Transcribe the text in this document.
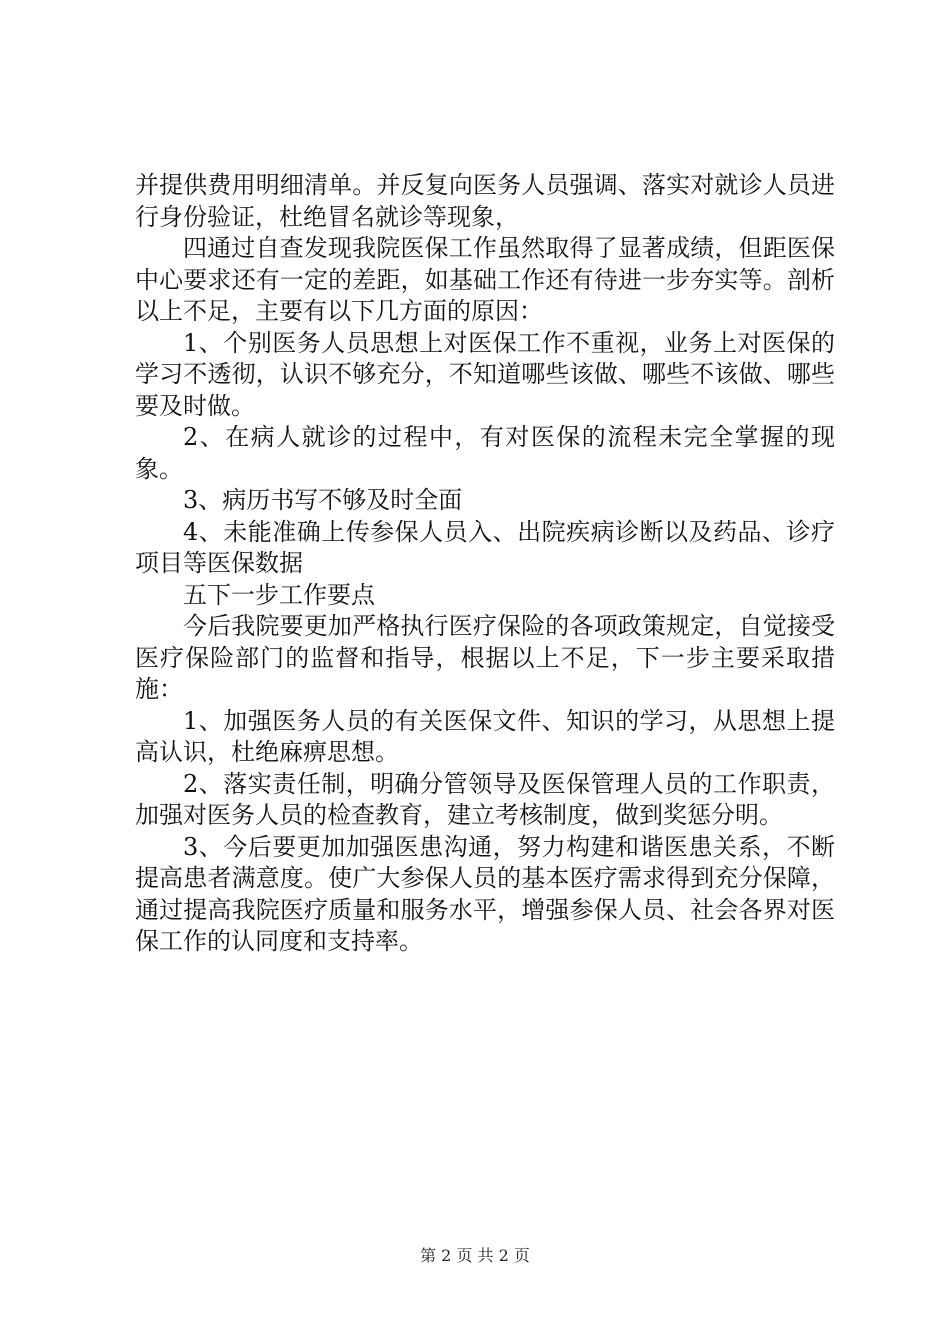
并提供费用明细清单。并反复向医务人员强调、落实对就诊人员进行身份验证，杜绝冒名就诊等现象，

四通过自查发现我院医保工作虽然取得了显著成绩，但距医保中心要求还有一定的差距，如基础工作还有待进一步夯实等。剖析以上不足，主要有以下几方面的原因：

1、个别医务人员思想上对医保工作不重视，业务上对医保的学习不透彻，认识不够充分，不知道哪些该做、哪些不该做、哪些要及时做。

2、在病人就诊的过程中，有对医保的流程未完全掌握的现象。

3、病历书写不够及时全面

4、未能准确上传参保人员入、出院疾病诊断以及药品、诊疗项目等医保数据

五下一步工作要点

今后我院要更加严格执行医疗保险的各项政策规定，自觉接受医疗保险部门的监督和指导，根据以上不足，下一步主要采取措施：

1、加强医务人员的有关医保文件、知识的学习，从思想上提高认识，杜绝麻痹思想。

2、落实责任制，明确分管领导及医保管理人员的工作职责，加强对医务人员的检查教育，建立考核制度，做到奖惩分明。

3、今后要更加加强医患沟通，努力构建和谐医患关系，不断提高患者满意度。使广大参保人员的基本医疗需求得到充分保障，通过提高我院医疗质量和服务水平，增强参保人员、社会各界对医保工作的认同度和支持率。

第 2 页 共 2 页
